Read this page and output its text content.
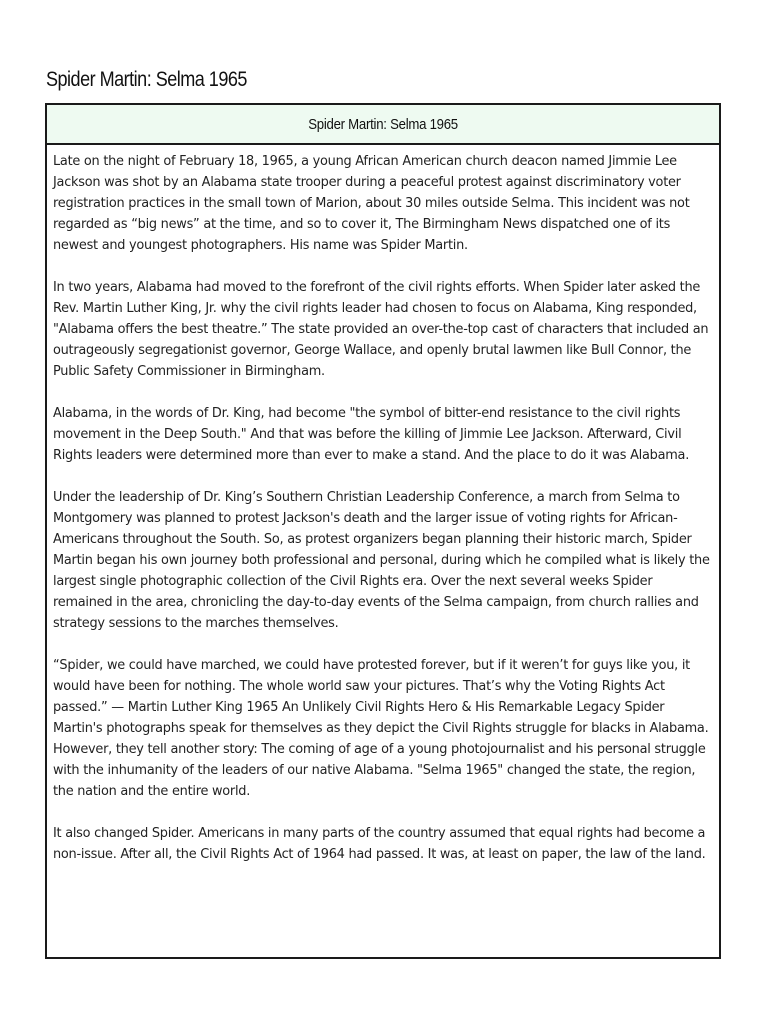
Spider Martin: Selma 1965
Spider Martin: Selma 1965

Late on the night of February 18, 1965, a young African American church deacon named Jimmie Lee Jackson was shot by an Alabama state trooper during a peaceful protest against discriminatory voter registration practices in the small town of Marion, about 30 miles outside Selma. This incident was not regarded as “big news” at the time, and so to cover it, The Birmingham News dispatched one of its newest and youngest photographers. His name was Spider Martin.

In two years, Alabama had moved to the forefront of the civil rights efforts. When Spider later asked the Rev. Martin Luther King, Jr. why the civil rights leader had chosen to focus on Alabama, King responded, "Alabama offers the best theatre.” The state provided an over-the-top cast of characters that included an outrageously segregationist governor, George Wallace, and openly brutal lawmen like Bull Connor, the Public Safety Commissioner in Birmingham.

Alabama, in the words of Dr. King, had become "the symbol of bitter-end resistance to the civil rights movement in the Deep South." And that was before the killing of Jimmie Lee Jackson. Afterward, Civil Rights leaders were determined more than ever to make a stand. And the place to do it was Alabama.

Under the leadership of Dr. King’s Southern Christian Leadership Conference, a march from Selma to Montgomery was planned to protest Jackson's death and the larger issue of voting rights for African-Americans throughout the South. So, as protest organizers began planning their historic march, Spider Martin began his own journey both professional and personal, during which he compiled what is likely the largest single photographic collection of the Civil Rights era. Over the next several weeks Spider remained in the area, chronicling the day-to-day events of the Selma campaign, from church rallies and strategy sessions to the marches themselves.

“Spider, we could have marched, we could have protested forever, but if it weren’t for guys like you, it would have been for nothing. The whole world saw your pictures. That’s why the Voting Rights Act passed.” — Martin Luther King 1965 An Unlikely Civil Rights Hero & His Remarkable Legacy Spider Martin's photographs speak for themselves as they depict the Civil Rights struggle for blacks in Alabama. However, they tell another story: The coming of age of a young photojournalist and his personal struggle with the inhumanity of the leaders of our native Alabama. "Selma 1965" changed the state, the region, the nation and the entire world.

It also changed Spider. Americans in many parts of the country assumed that equal rights had become a non-issue. After all, the Civil Rights Act of 1964 had passed. It was, at least on paper, the law of the land.
